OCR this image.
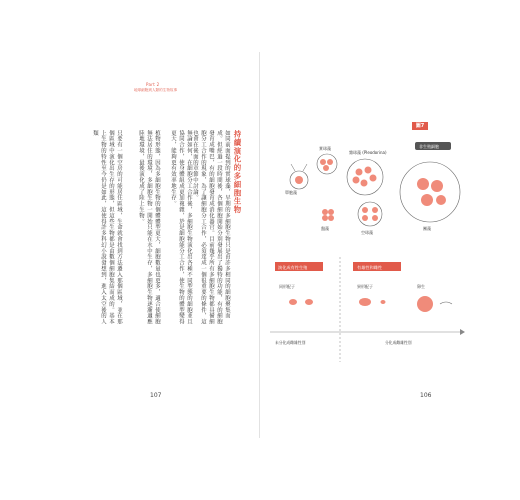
Part 2
地球細胞到人類的生物故事
持續演化的多細胞生物
如同前面提到的實球藻，早期的多細胞生物只是由許多相同的細胞聚集而成。但經過一段時間後，各個細胞開始分別發展出了獨特的功能，有的細胞發育成嘴巴，有的細胞發育成消化器官。目前幾乎所有多細胞生物都具備細胞分工合作的現象，為了讓細胞分工合作，必須達成一個很重要的條件，這也會在後面的章節中討論。
無論如何，在細胞分工合作後，多細胞生物演化出各種不同型態的細胞並且協同合作，使身體組成更加複雜，於是細胞能分工合作，使生物的體型變得更大，能夠更有效率地生存。
植物形態，因為多細胞生物的個體體型更大，細胞數量也更多，適合使細胞無法居住的環境，多細胞生物一開始只能在水中生存，多細胞生物逐漸適應陸地環境，最後演化成了陸上生物。
只要有一個空房的可能居住區域，生命就會找到方法遷入那個區域，並在那個區域中演化出生存的形態，但這些生物都是由數個細胞集結而成的。基本上生物的特性至今仍是如此，這使得許多科幻小說發想到，進入太空後的人類
107
圖7
106
單胞藻
實球藻
雜球藻 (Pleodorina)
非生殖細胞
團藻
盤藻
空球藻
演化成有性生殖	有雄性和雌性
同形配子	異形配子	卵生
未分化成雌雄性別	分化成雌雄性別
